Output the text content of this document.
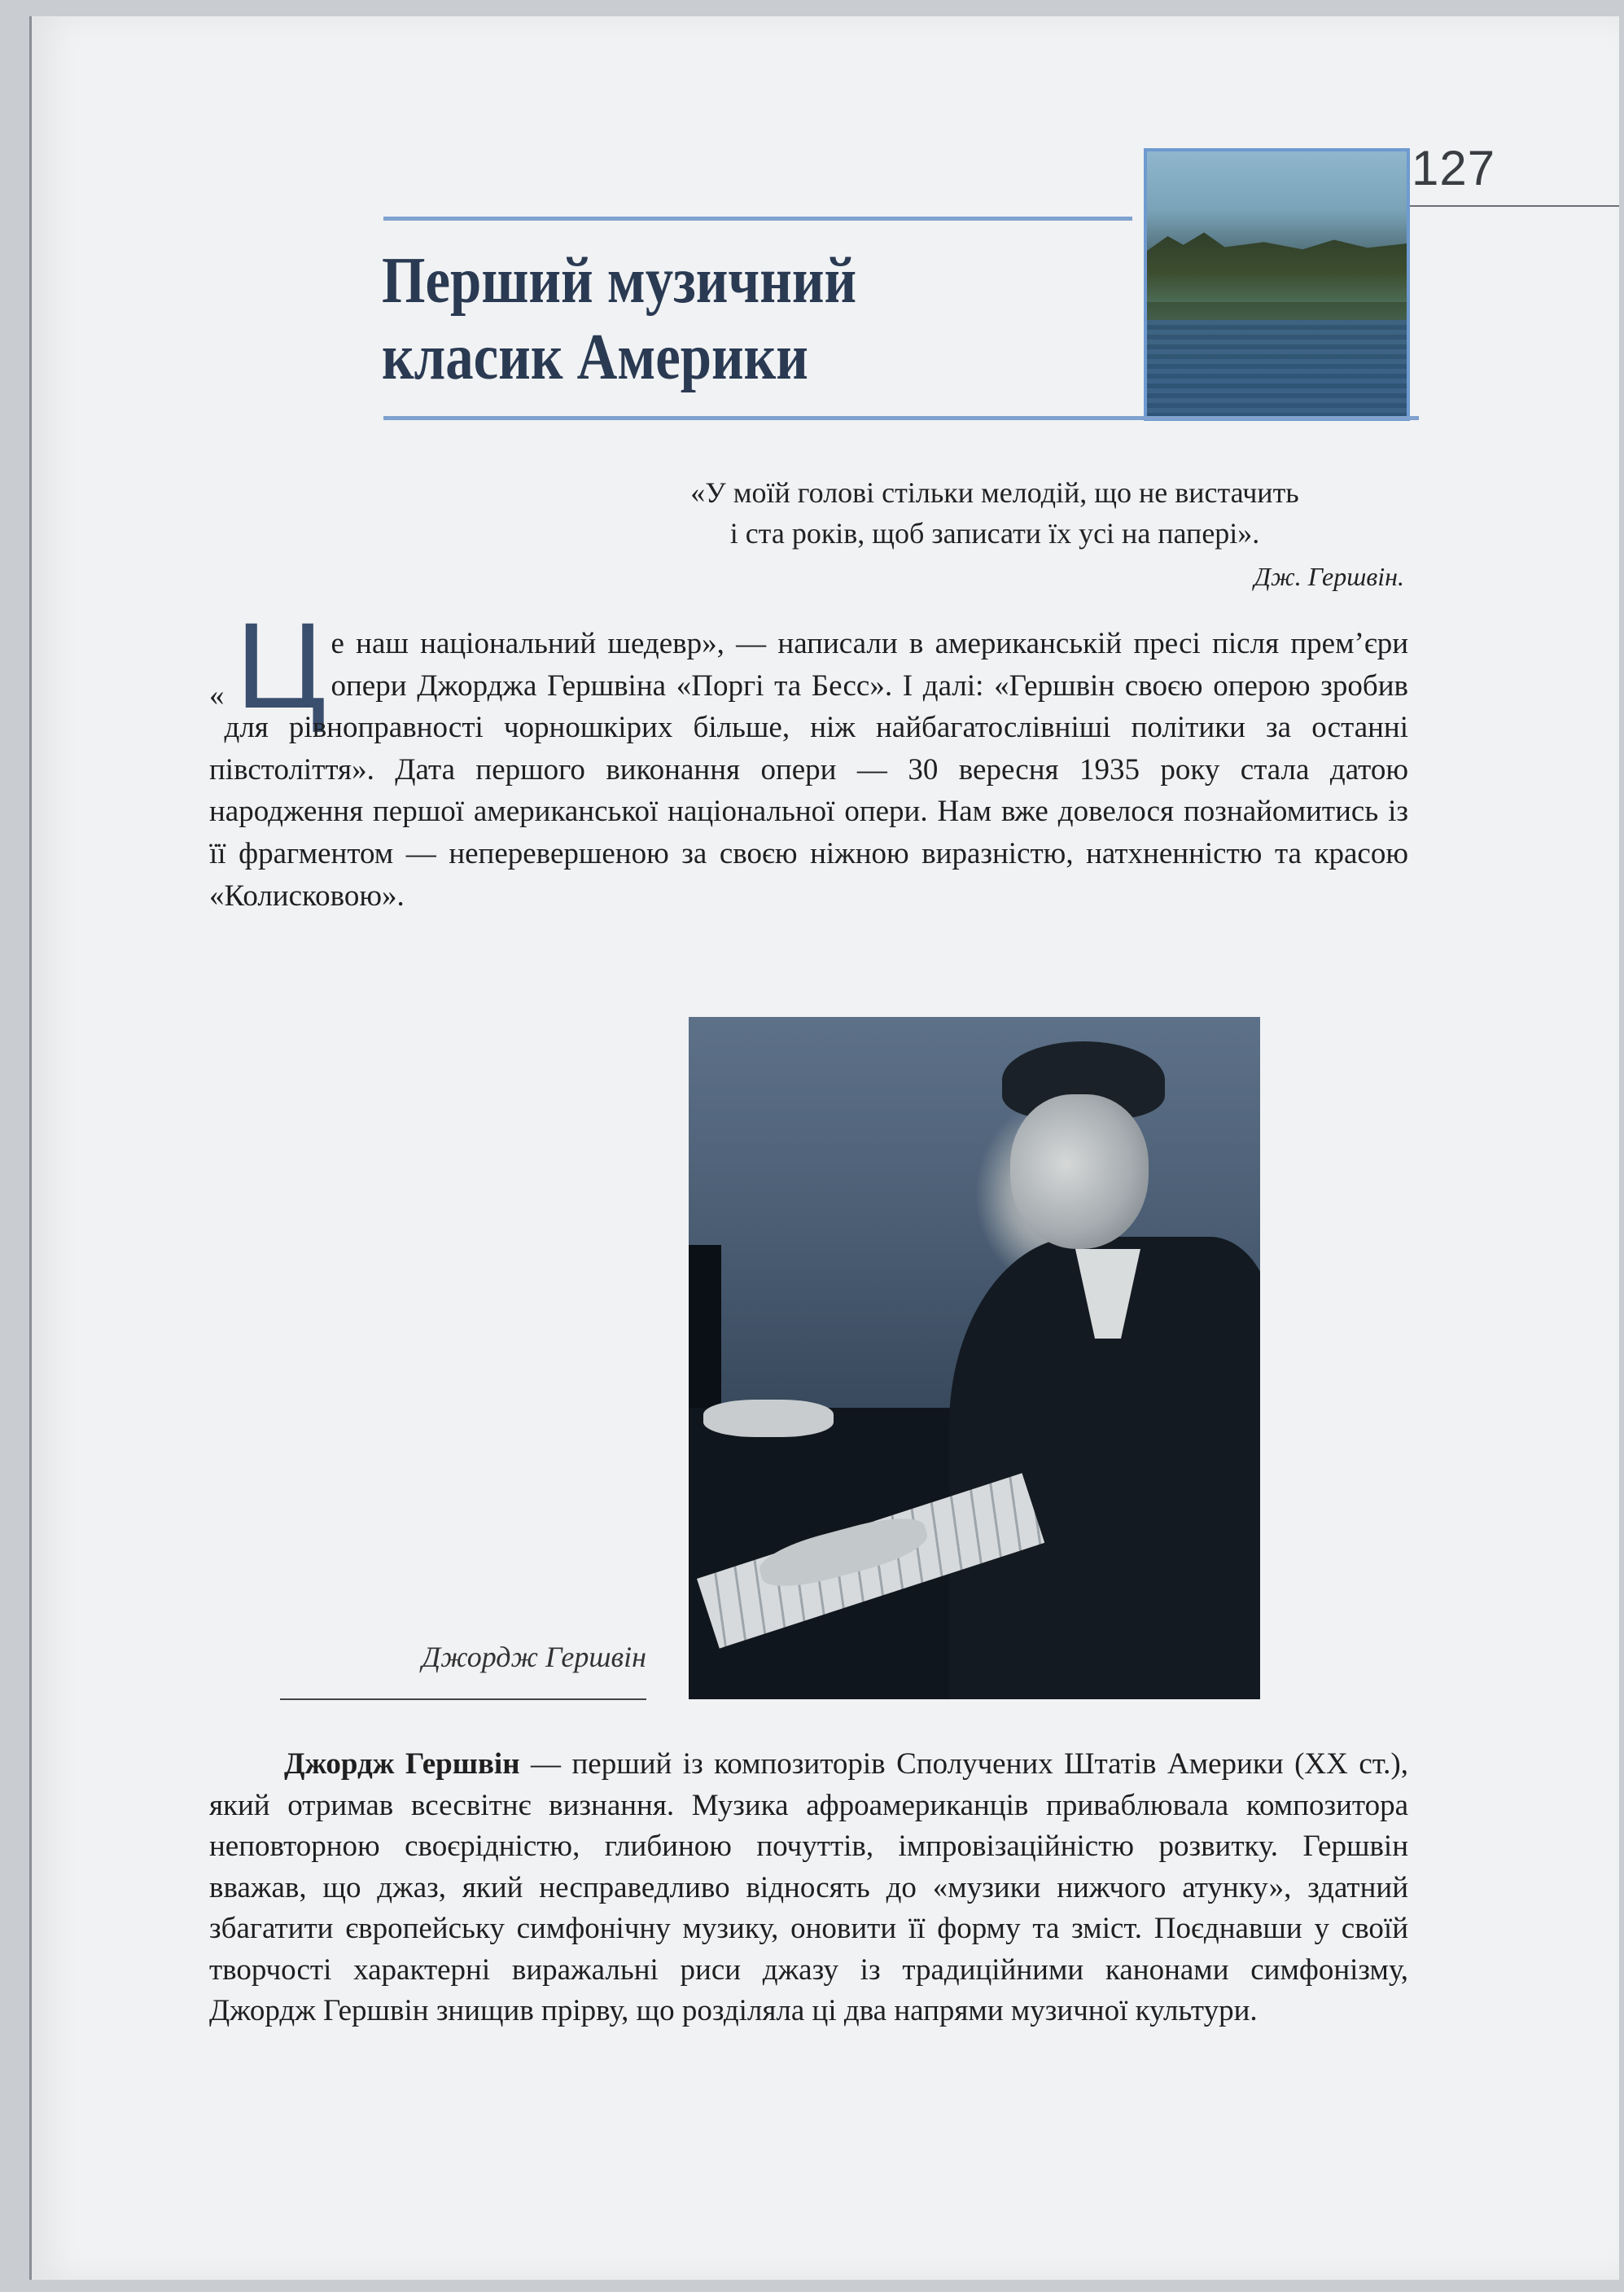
127
Перший музичний
класик Америки
«У моїй голові стільки мелодій, що не вистачить
і ста років, щоб записати їх усі на папері».
Дж. Гершвін.
« Ц е наш національний шедевр», — написали в американській пресі після прем’єри опери Джорджа Гершвіна «Поргі та Бесс». І далі: «Гершвін своєю оперою зробив для рівноправності чорношкірих більше, ніж найбагатослівніші політики за останні півстоліття». Дата першого виконання опери — 30 вересня 1935 року стала датою народження першої американської національної опери. Нам вже довелося познайомитись із її фрагментом — неперевершеною за своєю ніжною виразністю, натхненністю та красою «Колисковою».
Джордж Гершвін
Джордж Гершвін — перший із композиторів Сполучених Штатів Америки (XX ст.), який отримав всесвітнє визнання. Музика афроамериканців приваблювала композитора неповторною своєрідністю, глибиною почуттів, імпровізаційністю розвитку. Гершвін вважав, що джаз, який несправедливо відносять до «музики нижчого атунку», здатний збагатити європейську симфонічну музику, оновити її форму та зміст. Поєднавши у своїй творчості характерні виражальні риси джазу із традиційними канонами симфонізму, Джордж Гершвін знищив прірву, що розділяла ці два напрями музичної культури.
